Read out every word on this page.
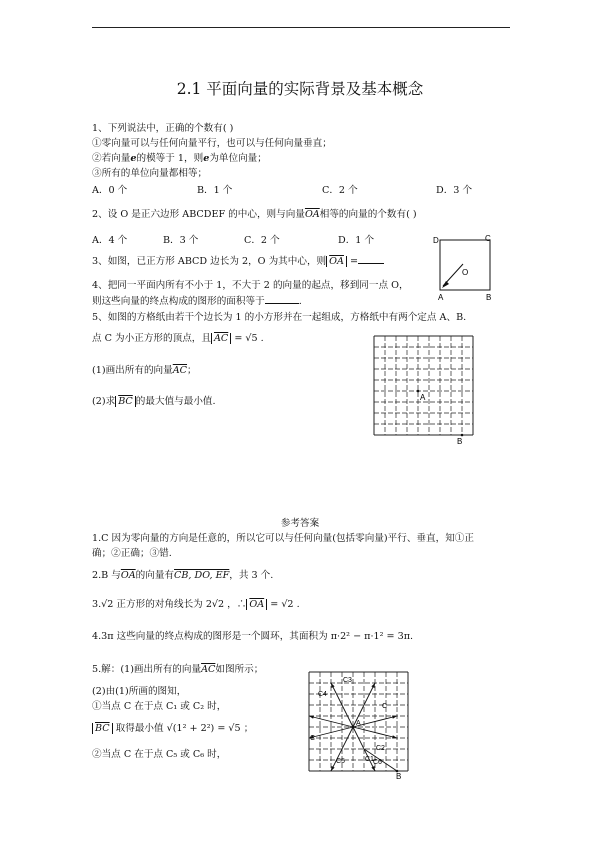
2.1 平面向量的实际背景及基本概念
1、下列说法中，正确的个数有( )
①零向量可以与任何向量平行，也可以与任何向量垂直；
②若向量e的模等于 1，则e为单位向量；
③所有的单位向量都相等；
A．0 个	B．1 个	C．2 个	D．3 个
2、设 O 是正六边形 ABCDEF 的中心，则与向量$\overline{OA}$相等的向量的个数有( )
A．4 个	B．3 个	C．2 个	D．1 个
3、如图，已正方形 ABCD 边长为 2，O 为其中心，则 $\overline{OA}$ =
D	C
A	B
O
4、把同一平面内所有不小于 1，不大于 2 的向量的起点，移到同一点 O，
则这些向量的终点构成的图形的面积等于	.
5、如图的方格纸由若干个边长为 1 的小方形并在一起组成，方格纸中有两个定点 A、B.
点 C 为小正方形的顶点，且 $\overline{AC} = √5$ .
(1)画出所有的向量$\overline{AC}$；
(2)求 $\overline{BC}$ 的最大值与最小值.	A
B
参考答案
1.C 因为零向量的方向是任意的，所以它可以与任何向量(包括零向量)平行、垂直，知①正
确；②正确；③错.
2.B 与$\overline{OA}$的向量有CB, DO, EF，共 3 个.
3.√2 正方形的对角线长为 2√2 ，∴ $\overline{OA} = √2$ .
4.3π 这些向量的终点构成的图形是一个圆环，其面积为 π·2² − π·1² = 3π.
5.解：(1)画出所有的向量$\overline{AC}$如图所示；
(2)由(1)所画的图知，
①当点 C 在于点 C₁ 或 C₂ 时，
$\overline{BC}$ 取得最小值 √(1² + 2²) = √5 ；
②当点 C 在于点 C₅ 或 C₆ 时，
C4
C3
C
C
C2
C1
C5	C6
A
B
